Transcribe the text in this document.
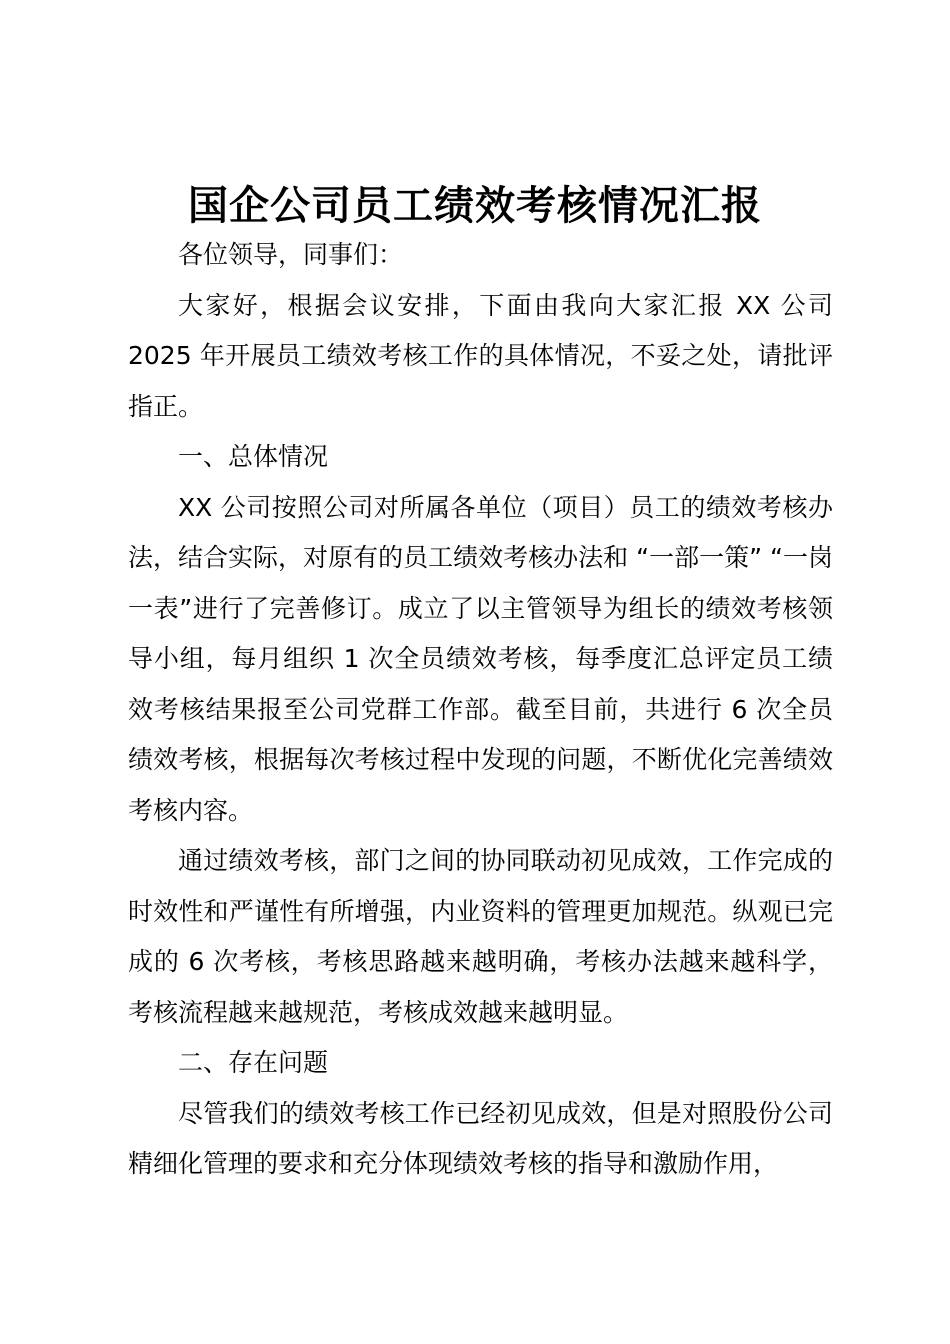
国企公司员工绩效考核情况汇报

各位领导，同事们：

大家好，根据会议安排，下面由我向大家汇报 XX 公司 2025 年开展员工绩效考核工作的具体情况，不妥之处，请批评指正。

一、总体情况

XX 公司按照公司对所属各单位（项目）员工的绩效考核办法，结合实际，对原有的员工绩效考核办法和 “一部一策” “一岗一表”进行了完善修订。成立了以主管领导为组长的绩效考核领导小组，每月组织 1 次全员绩效考核，每季度汇总评定员工绩效考核结果报至公司党群工作部。截至目前，共进行 6 次全员绩效考核，根据每次考核过程中发现的问题，不断优化完善绩效考核内容。

通过绩效考核，部门之间的协同联动初见成效，工作完成的时效性和严谨性有所增强，内业资料的管理更加规范。纵观已完成的 6 次考核，考核思路越来越明确，考核办法越来越科学，考核流程越来越规范，考核成效越来越明显。

二、存在问题

尽管我们的绩效考核工作已经初见成效，但是对照股份公司精细化管理的要求和充分体现绩效考核的指导和激励作用，
